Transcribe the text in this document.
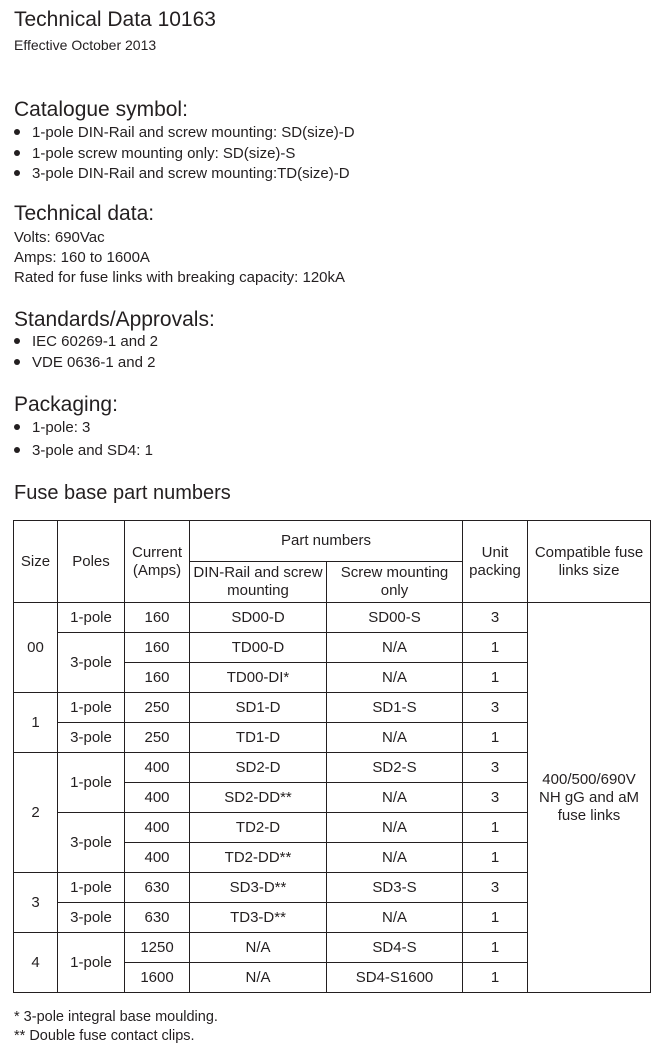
Technical Data 10163
Effective October 2013
Catalogue symbol:
1-pole DIN-Rail and screw mounting: SD(size)-D
1-pole screw mounting only: SD(size)-S
3-pole DIN-Rail and screw mounting:TD(size)-D
Technical data:
Volts: 690Vac
Amps: 160 to 1600A
Rated for fuse links with breaking capacity: 120kA
Standards/Approvals:
IEC 60269-1 and 2
VDE 0636-1 and 2
Packaging:
1-pole: 3
3-pole and SD4: 1
Fuse base part numbers
Size	Poles	Current (Amps)	Part numbers		Unit packing	Compatible fuse links size
			DIN-Rail and screw mounting	Screw mounting only		
00	1-pole	160	SD00-D	SD00-S	3	400/500/690V NH gG and aM fuse links
	3-pole	160	TD00-D	N/A	1	
		160	TD00-DI*	N/A	1	
1	1-pole	250	SD1-D	SD1-S	3	
	3-pole	250	TD1-D	N/A	1	
2	1-pole	400	SD2-D	SD2-S	3	
		400	SD2-DD**	N/A	3	
	3-pole	400	TD2-D	N/A	1	
		400	TD2-DD**	N/A	1	
3	1-pole	630	SD3-D**	SD3-S	3	
	3-pole	630	TD3-D**	N/A	1	
4	1-pole	1250	N/A	SD4-S	1	
		1600	N/A	SD4-S1600	1	
* 3-pole integral base moulding.
** Double fuse contact clips.
